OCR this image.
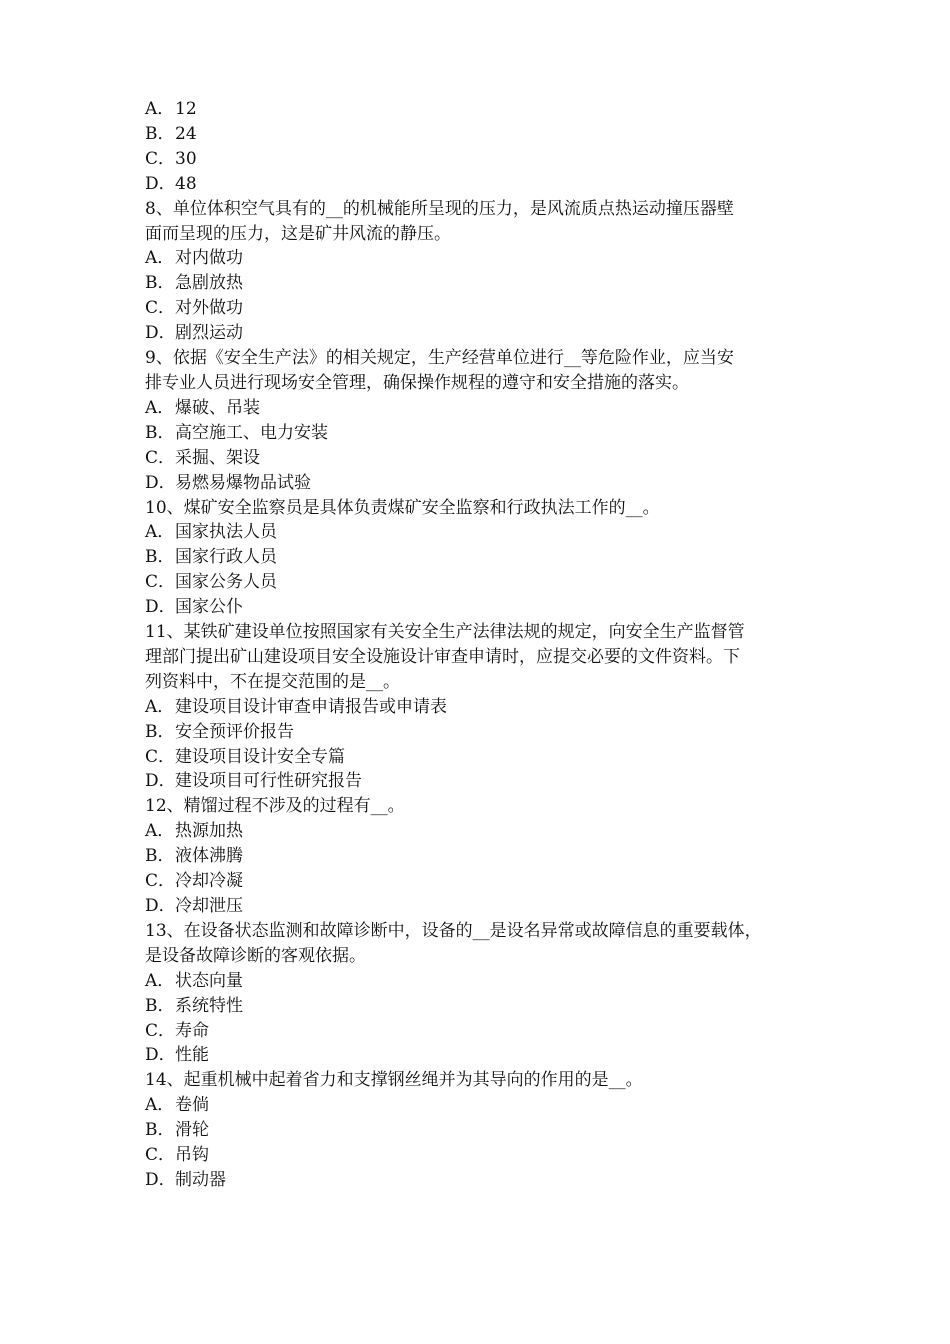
A．12

B．24

C．30

D．48

8、单位体积空气具有的__的机械能所呈现的压力，是风流质点热运动撞压器壁

面而呈现的压力，这是矿井风流的静压。

A．对内做功

B．急剧放热

C．对外做功

D．剧烈运动

9、依据《安全生产法》的相关规定，生产经营单位进行__等危险作业，应当安

排专业人员进行现场安全管理，确保操作规程的遵守和安全措施的落实。

A．爆破、吊装

B．高空施工、电力安装

C．采掘、架设

D．易燃易爆物品试验

10、煤矿安全监察员是具体负责煤矿安全监察和行政执法工作的__。

A．国家执法人员

B．国家行政人员

C．国家公务人员

D．国家公仆

11、某铁矿建设单位按照国家有关安全生产法律法规的规定，向安全生产监督管

理部门提出矿山建设项目安全设施设计审查申请时，应提交必要的文件资料。下

列资料中，不在提交范围的是__。

A．建设项目设计审查申请报告或申请表

B．安全预评价报告

C．建设项目设计安全专篇

D．建设项目可行性研究报告

12、精馏过程不涉及的过程有__。

A．热源加热

B．液体沸腾

C．冷却冷凝

D．冷却泄压

13、在设备状态监测和故障诊断中，设备的__是设名异常或故障信息的重要载体，

是设备故障诊断的客观依据。

A．状态向量

B．系统特性

C．寿命

D．性能

14、起重机械中起着省力和支撑钢丝绳并为其导向的作用的是__。

A．卷倘

B．滑轮

C．吊钩

D．制动器
